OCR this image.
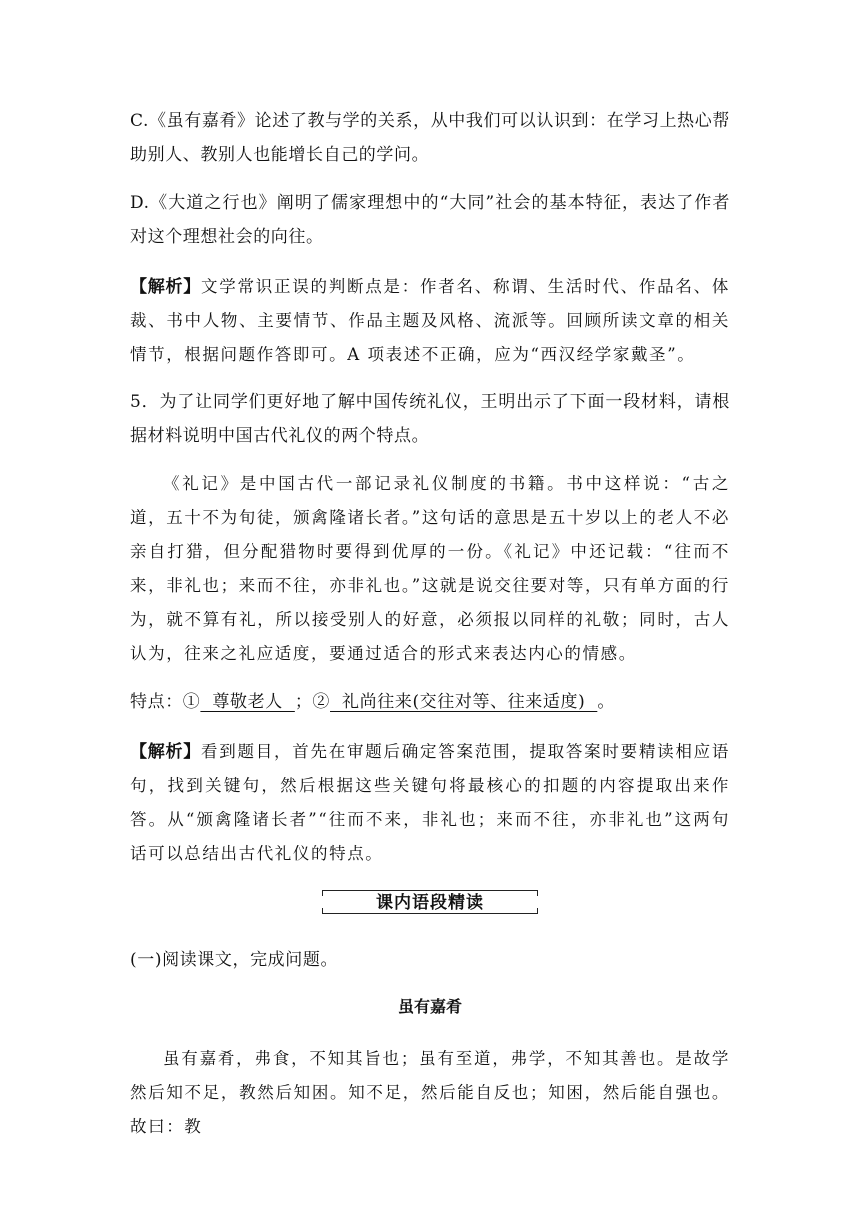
C.《虽有嘉肴》论述了教与学的关系，从中我们可以认识到：在学习上热心帮助别人、教别人也能增长自己的学问。

D.《大道之行也》阐明了儒家理想中的“大同”社会的基本特征，表达了作者对这个理想社会的向往。

【解析】文学常识正误的判断点是：作者名、称谓、生活时代、作品名、体裁、书中人物、主要情节、作品主题及风格、流派等。回顾所读文章的相关情节，根据问题作答即可。A 项表述不正确，应为“西汉经学家戴圣”。

5．为了让同学们更好地了解中国传统礼仪，王明出示了下面一段材料，请根据材料说明中国古代礼仪的两个特点。

《礼记》是中国古代一部记录礼仪制度的书籍。书中这样说：“古之道，五十不为旬徒，颁禽隆诸长者。”这句话的意思是五十岁以上的老人不必亲自打猎，但分配猎物时要得到优厚的一份。《礼记》中还记载：“往而不来，非礼也；来而不往，亦非礼也。”这就是说交往要对等，只有单方面的行为，就不算有礼，所以接受别人的好意，必须报以同样的礼敬；同时，古人认为，往来之礼应适度，要通过适合的形式来表达内心的情感。

特点：①  尊敬老人  ；②  礼尚往来(交往对等、往来适度)  。

【解析】看到题目，首先在审题后确定答案范围，提取答案时要精读相应语句，找到关键句，然后根据这些关键句将最核心的扣题的内容提取出来作答。从“颁禽隆诸长者”“往而不来，非礼也；来而不往，亦非礼也”这两句话可以总结出古代礼仪的特点。

课内语段精读

(一)阅读课文，完成问题。

虽有嘉肴

虽有嘉肴，弗食，不知其旨也；虽有至道，弗学，不知其善也。是故学然后知不足，教然后知困。知不足，然后能自反也；知困，然后能自强也。故曰：教
